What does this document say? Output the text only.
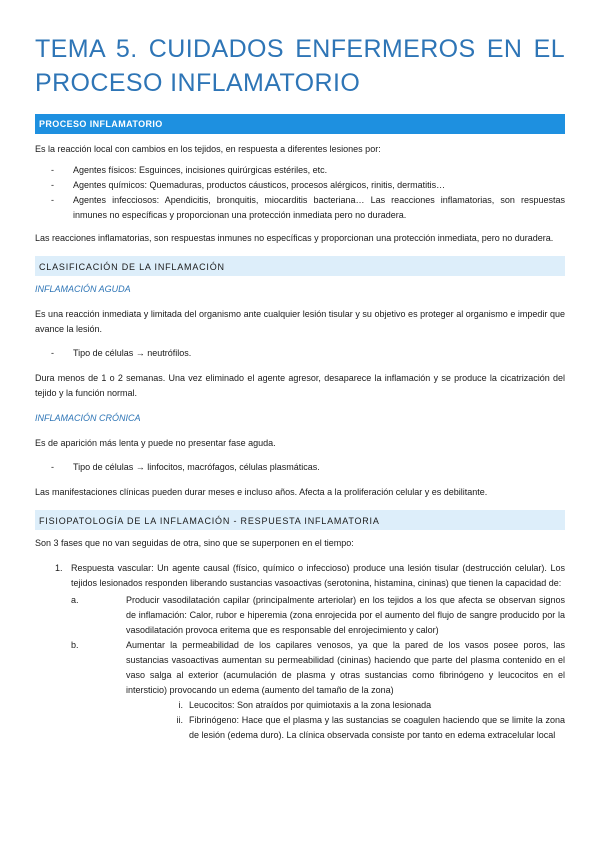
TEMA 5. CUIDADOS ENFERMEROS EN EL
PROCESO INFLAMATORIO
PROCESO INFLAMATORIO

Es la reacción local con cambios en los tejidos, en respuesta a diferentes lesiones por:

- Agentes físicos: Esguinces, incisiones quirúrgicas estériles, etc.
- Agentes químicos: Quemaduras, productos cáusticos, procesos alérgicos, rinitis, dermatitis…
- Agentes infecciosos: Apendicitis, bronquitis, miocarditis bacteriana… Las reacciones inflamatorias, son respuestas inmunes no específicas y proporcionan una protección inmediata pero no duradera.

Las reacciones inflamatorias, son respuestas inmunes no específicas y proporcionan una protección inmediata, pero no duradera.

CLASIFICACIÓN DE LA INFLAMACIÓN
INFLAMACIÓN AGUDA

Es una reacción inmediata y limitada del organismo ante cualquier lesión tisular y su objetivo es proteger al organismo e impedir que avance la lesión.

- Tipo de células → neutrófilos.

Dura menos de 1 o 2 semanas. Una vez eliminado el agente agresor, desaparece la inflamación y se produce la cicatrización del tejido y la función normal.

INFLAMACIÓN CRÓNICA

Es de aparición más lenta y puede no presentar fase aguda.

- Tipo de células → linfocitos, macrófagos, células plasmáticas.

Las manifestaciones clínicas pueden durar meses e incluso años. Afecta a la proliferación celular y es debilitante.

FISIOPATOLOGÍA DE LA INFLAMACIÓN - RESPUESTA INFLAMATORIA

Son 3 fases que no van seguidas de otra, sino que se superponen en el tiempo:

1. Respuesta vascular: Un agente causal (físico, químico o infeccioso) produce una lesión tisular (destrucción celular). Los tejidos lesionados responden liberando sustancias vasoactivas (serotonina, histamina, cininas) que tienen la capacidad de:

a.	Producir vasodilatación capilar (principalmente arteriolar) en los tejidos a los que afecta se observan signos de inflamación: Calor, rubor e hiperemia (zona enrojecida por el aumento del flujo de sangre producido por la vasodilatación provoca eritema que es responsable del enrojecimiento y calor)

b.	Aumentar la permeabilidad de los capilares venosos, ya que la pared de los vasos posee poros, las sustancias vasoactivas aumentan su permeabilidad (cininas) haciendo que parte del plasma contenido en el vaso salga al exterior (acumulación de plasma y otras sustancias como fibrinógeno y leucocitos en el intersticio) provocando un edema (aumento del tamaño de la zona)

i. Leucocitos: Son atraídos por quimiotaxis a la zona lesionada

ii. Fibrinógeno: Hace que el plasma y las sustancias se coagulen haciendo que se limite la zona de lesión (edema duro). La clínica observada consiste por tanto en edema extracelular local
